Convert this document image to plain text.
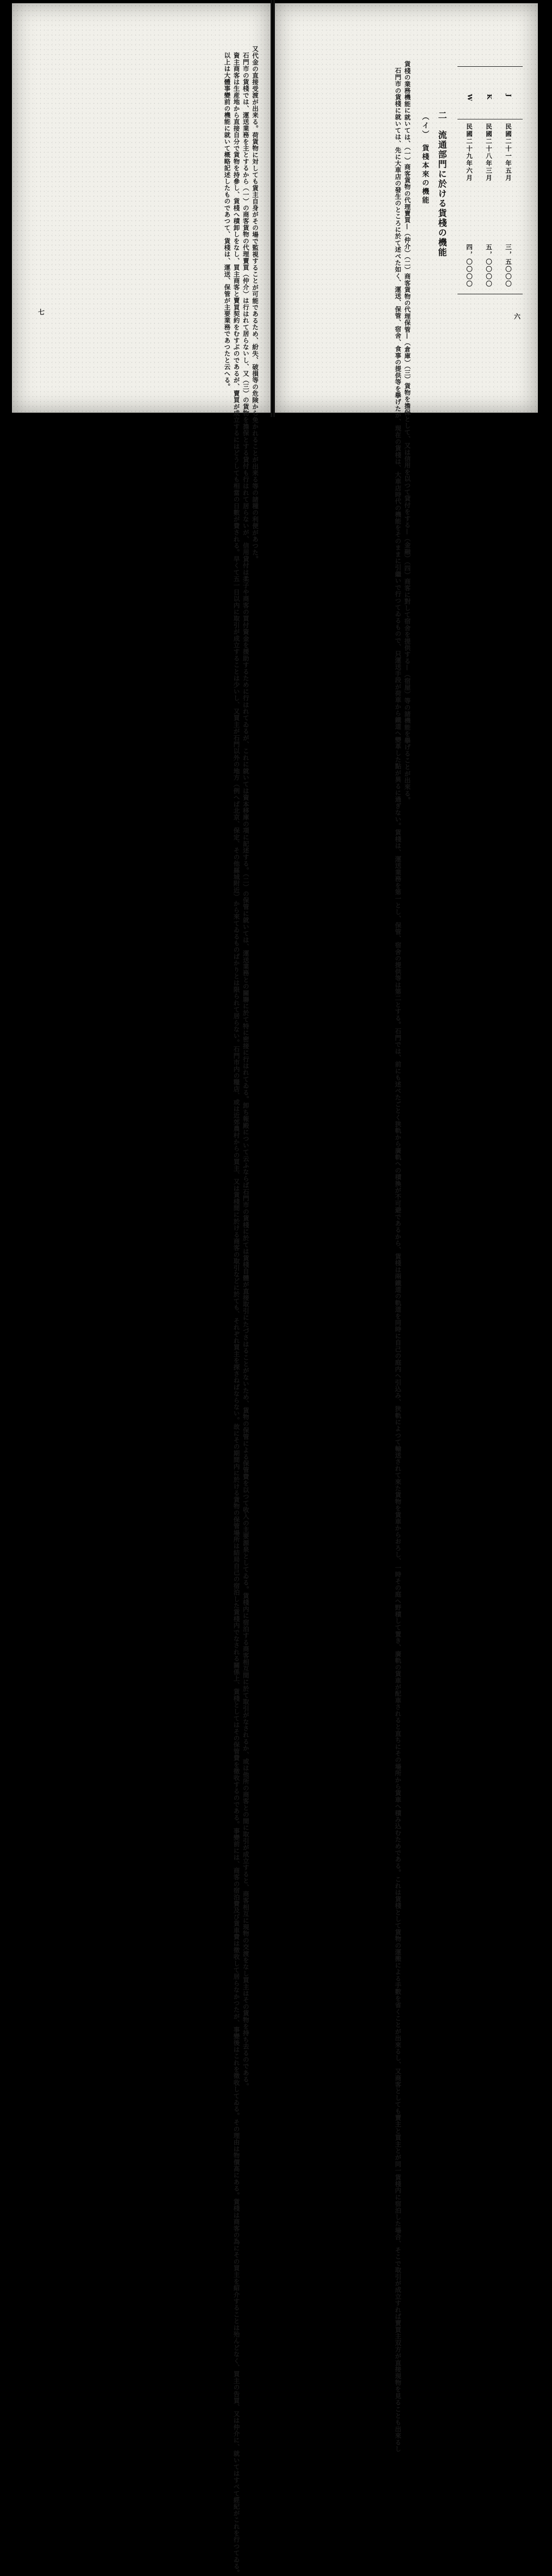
又代金の直接受渡が出来る。荷貨物に対しても貨主自身がその場で監視することが可能であるため、紛失、破損等の危険から免かれることが出来る等の諸種の利便があつた。

石門市の貨棧では、運送業務を主とするから（一）の商客貨物の代理賣買（仲介）は行はれて居らないし、又（三）の貨物を擔保とする貸付も行はれて居らないが、信用貸付は柔子や商客の買付資金を援助するために行はれてゐるが、これに就いては資本移庫の項に記述する。（二）の保管に就いては、運送業務との關聯に於て特に密接に行はれてゐる。卸ち報殿について云ふならば石門市の貨棧に於ては貨棧自體が直接取引にたづさはることがないため、貨物の保管による保管費を以つて收入の主要源泉としてゐる。貨棧内に宿泊する商客相互間に於て取引がなされるか、或は他所の商客との間に取引が成立すると、商客相互に現物の交渡をなし買主はその貨物を持ち去るのである。

資主商客は生産地から直接自分で貨物を持參し、貨棧へ積卸しをなし、買主商客と賣買契約をむすぶのであるが、賣買が成立するにはどうしても相當の日數が費される。早くて五一日以内に取引が成立することは少いし、又買主が石門以外の地方（例へば北京、保定、その他縣城附近）から來てゐるものばかりとは限られて居らない。石門市内の糧店、或は近郊農村からの買主、又は貨棧間に於ける商客の取引などに於ても、それぞれ買主を探さねばならない。故にその期間内に於ける貨物の保管場所は結局自己の宿泊した貨棧内でなされる關係上、貨棧としてはその保管費を徵收するのである。事變前には、商客の宿泊費及び貨車費は徵收して居らなかつたが、事變後はこれを徵收してゐる。その理由は物價高にある。貨棧は商客の為にその買主を紹介することは殆んどなく、買主の告買、又は仲介に、就いてはすべて經紀がこれを行つてゐる。

以上は大體事變前の機能に就いて概略記述したものであつて、貨棧は、運送、保管が主要業務であつたと云へる。

七
J
K
W
民國二十一年五月
民國二十八年三月
民國二十九年六月
三，五〇〇〇
五，〇〇〇〇
四，〇〇〇〇
二　流通部門に於ける貨棧の機能
（イ）　貨棧本來の機能

貨棧の業務機能に就いては、（一）商客貨物の代理賣買—（仲介）（二）商客貨物の代理保管—（倉庫）（三）貨物を擔保として、又は信用を以つて貸付をする—（金融）（四）商客に對して宿舍を提供する—（宿屋）等の諸機能を擧げることが出來る。

石門市の貨棧に就いては、先に大車店の發生のところに於て述べた如く、運送、保管、宿舍、食事の提供等を擧げたが、現在の貨棧は、大車店時代の機能をそのままに引繼いで行つてゐるもので、只運送手段が荷車から鐵道へ變革した點が異るに過ぎない。貨棧は、運送業務を第一とし、保管、宿舍の提供等は第二とする。石門では、前にも述べたごとく狭軌から廣軌への積換が不可避であるから、貨棧は兩鐵道の軌道を同時に自己の庭内へ引込み、狭軌によつて輸送されて來た貨物を貨車からおろし、一時その庭へ野積して置き、廣軌の貨車が配車されると直ちにその場所から貨車へ積み込むためである。これは貨棧として貨物の運搬による手數を省くことが出來るし、又商客としても賣主と買主とが同一貨棧内に宿泊した場合、そこで取引が成立すれば賣買主双方が直接現物を見ることも出來るし	六
